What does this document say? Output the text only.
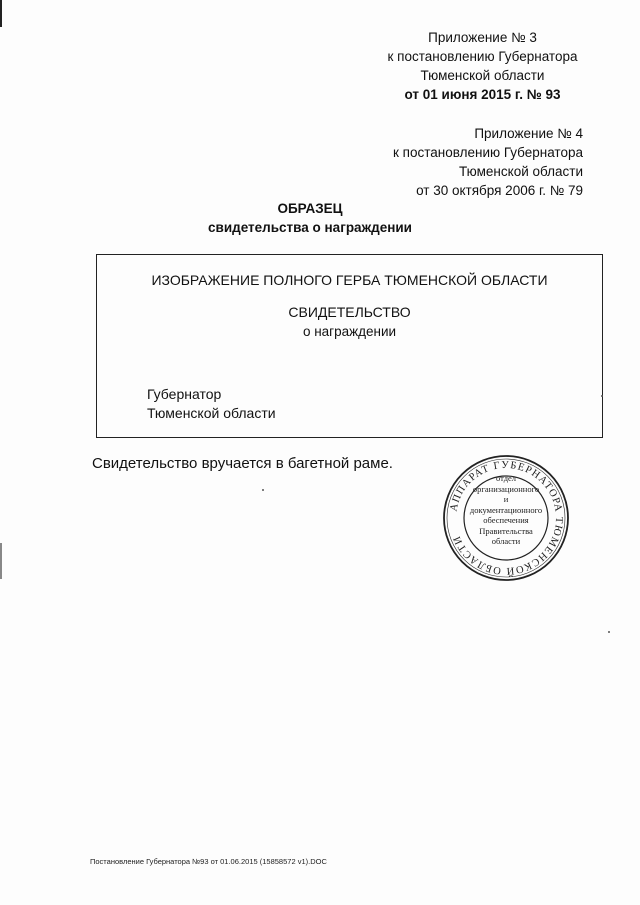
Приложение № 3
к постановлению Губернатора
Тюменской области
от 01 июня 2015 г. № 93
Приложение № 4
к постановлению Губернатора
Тюменской области
от 30 октября 2006 г. № 79
ОБРАЗЕЦ
свидетельства о награждении
ИЗОБРАЖЕНИЕ ПОЛНОГО ГЕРБА ТЮМЕНСКОЙ ОБЛАСТИ
СВИДЕТЕЛЬСТВО
о награждении
Губернатор
Тюменской области
Свидетельство вручается в багетной раме.
АППАРАТ ГУБЕРНАТОРА ТЮМЕНСКОЙ ОБЛАСТИ
отдел
организационного
и
документационного
обеспечения
Правительства
области
Постановление Губернатора №93 от 01.06.2015 (15858572 v1).DOC
